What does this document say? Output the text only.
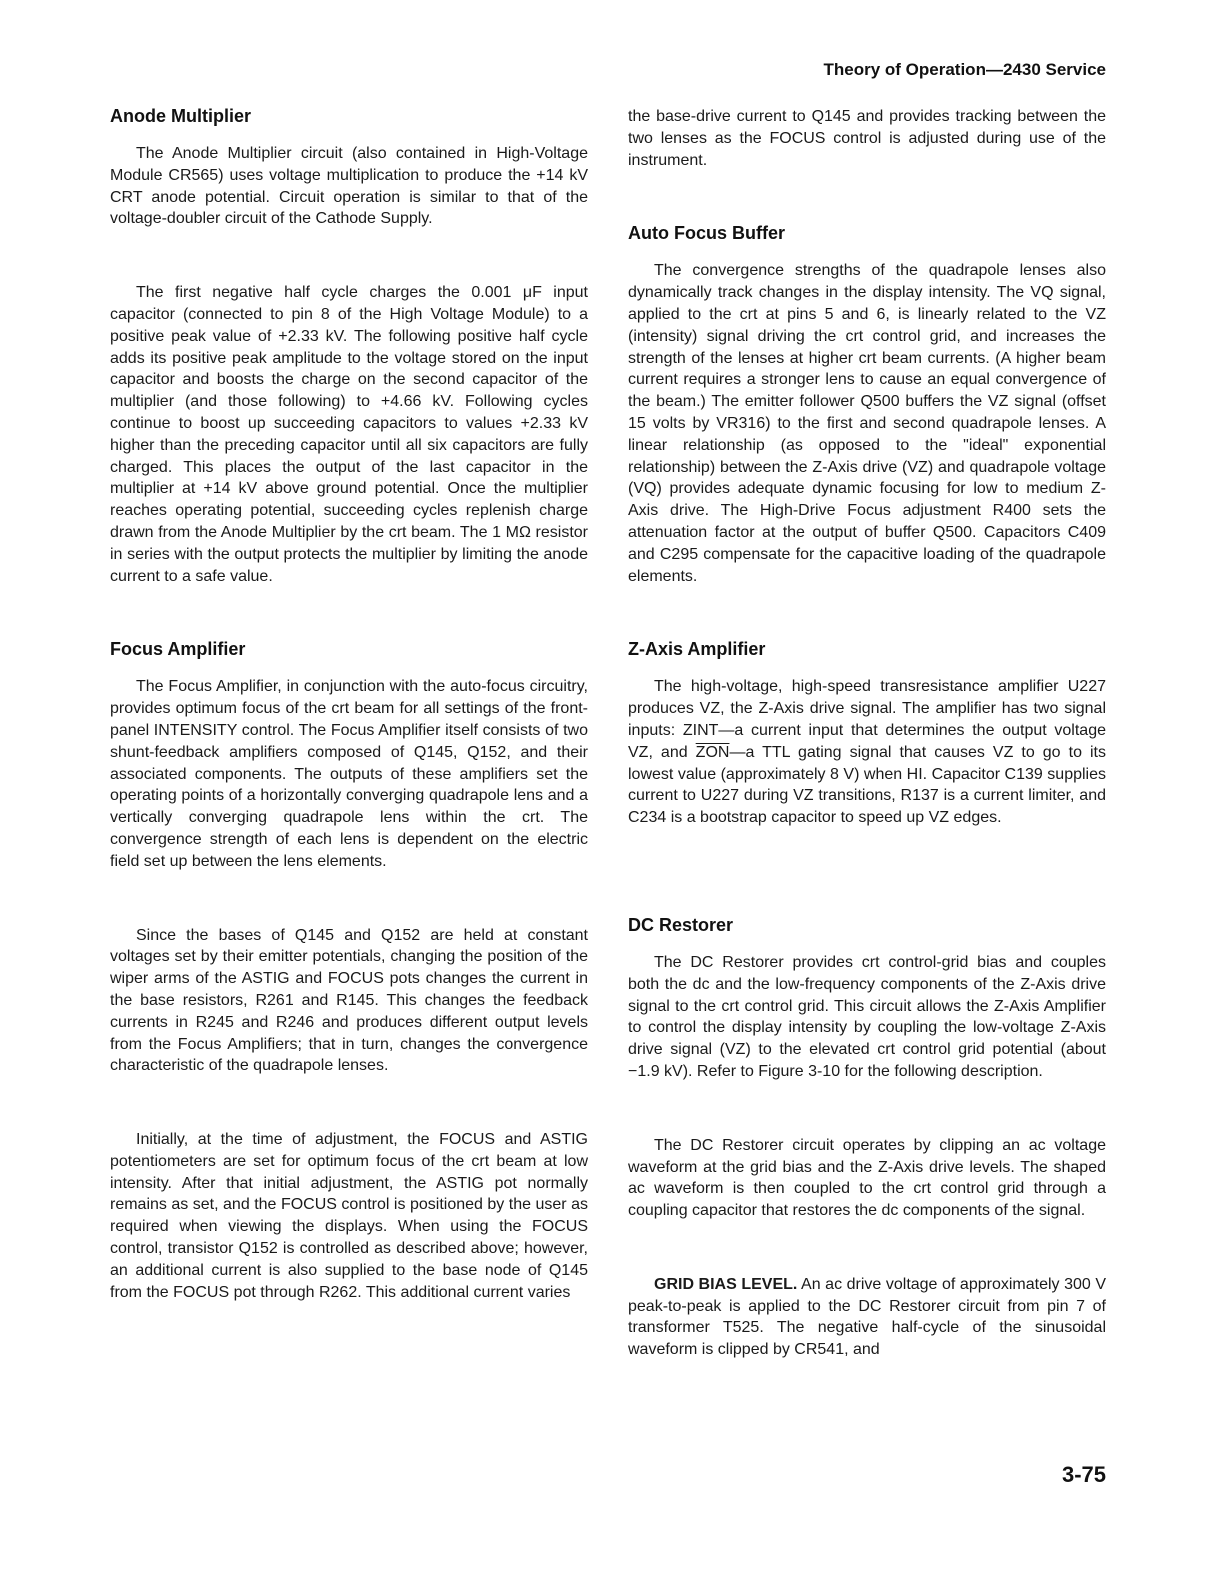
Theory of Operation—2430 Service
Anode Multiplier

The Anode Multiplier circuit (also contained in High-Voltage Module CR565) uses voltage multiplication to produce the +14 kV CRT anode potential. Circuit operation is similar to that of the voltage-doubler circuit of the Cathode Supply.

The first negative half cycle charges the 0.001 μF input capacitor (connected to pin 8 of the High Voltage Module) to a positive peak value of +2.33 kV. The following positive half cycle adds its positive peak amplitude to the voltage stored on the input capacitor and boosts the charge on the second capacitor of the multiplier (and those following) to +4.66 kV. Following cycles continue to boost up succeeding capacitors to values +2.33 kV higher than the preceding capacitor until all six capacitors are fully charged. This places the output of the last capacitor in the multiplier at +14 kV above ground potential. Once the multiplier reaches operating potential, succeeding cycles replenish charge drawn from the Anode Multiplier by the crt beam. The 1 MΩ resistor in series with the output protects the multiplier by limiting the anode current to a safe value.

Focus Amplifier

The Focus Amplifier, in conjunction with the auto-focus circuitry, provides optimum focus of the crt beam for all settings of the front-panel INTENSITY control. The Focus Amplifier itself consists of two shunt-feedback amplifiers composed of Q145, Q152, and their associated components. The outputs of these amplifiers set the operating points of a horizontally converging quadrapole lens and a vertically converging quadrapole lens within the crt. The convergence strength of each lens is dependent on the electric field set up between the lens elements.

Since the bases of Q145 and Q152 are held at constant voltages set by their emitter potentials, changing the position of the wiper arms of the ASTIG and FOCUS pots changes the current in the base resistors, R261 and R145. This changes the feedback currents in R245 and R246 and produces different output levels from the Focus Amplifiers; that in turn, changes the convergence characteristic of the quadrapole lenses.

Initially, at the time of adjustment, the FOCUS and ASTIG potentiometers are set for optimum focus of the crt beam at low intensity. After that initial adjustment, the ASTIG pot normally remains as set, and the FOCUS control is positioned by the user as required when viewing the displays. When using the FOCUS control, transistor Q152 is controlled as described above; however, an additional current is also supplied to the base node of Q145 from the FOCUS pot through R262. This additional current varies

the base-drive current to Q145 and provides tracking between the two lenses as the FOCUS control is adjusted during use of the instrument.

Auto Focus Buffer

The convergence strengths of the quadrapole lenses also dynamically track changes in the display intensity. The VQ signal, applied to the crt at pins 5 and 6, is linearly related to the VZ (intensity) signal driving the crt control grid, and increases the strength of the lenses at higher crt beam currents. (A higher beam current requires a stronger lens to cause an equal convergence of the beam.) The emitter follower Q500 buffers the VZ signal (offset 15 volts by VR316) to the first and second quadrapole lenses. A linear relationship (as opposed to the "ideal" exponential relationship) between the Z-Axis drive (VZ) and quadrapole voltage (VQ) provides adequate dynamic focusing for low to medium Z-Axis drive. The High-Drive Focus adjustment R400 sets the attenuation factor at the output of buffer Q500. Capacitors C409 and C295 compensate for the capacitive loading of the quadrapole elements.

Z-Axis Amplifier

The high-voltage, high-speed transresistance amplifier U227 produces VZ, the Z-Axis drive signal. The amplifier has two signal inputs: ZINT—a current input that determines the output voltage VZ, and $\overline{ZON}—a$ TTL gating signal that causes VZ to go to its lowest value (approximately 8 V) when HI. Capacitor C139 supplies current to U227 during VZ transitions, R137 is a current limiter, and C234 is a bootstrap capacitor to speed up VZ edges.

DC Restorer

The DC Restorer provides crt control-grid bias and couples both the dc and the low-frequency components of the Z-Axis drive signal to the crt control grid. This circuit allows the Z-Axis Amplifier to control the display intensity by coupling the low-voltage Z-Axis drive signal (VZ) to the elevated crt control grid potential (about −1.9 kV). Refer to Figure 3-10 for the following description.

The DC Restorer circuit operates by clipping an ac voltage waveform at the grid bias and the Z-Axis drive levels. The shaped ac waveform is then coupled to the crt control grid through a coupling capacitor that restores the dc components of the signal.

GRID BIAS LEVEL. An ac drive voltage of approximately 300 V peak-to-peak is applied to the DC Restorer circuit from pin 7 of transformer T525. The negative half-cycle of the sinusoidal waveform is clipped by CR541, and

3-75
